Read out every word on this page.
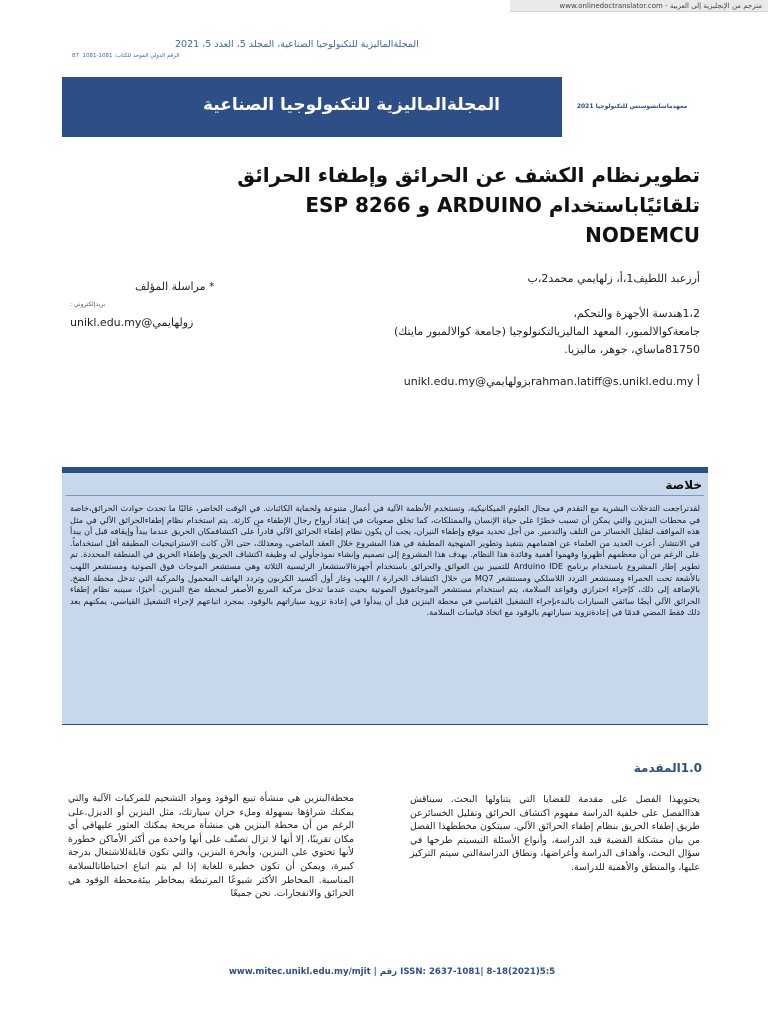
www.onlinedoctranslator.com - مترجم من الإنجليزية إلى العربية
المجلةالماليزية للتكنولوجيا الصناعية، المجلد 5، العدد 5، 2021
الرقم الدولي الموحد للكتاب: 87‎ ‎ 1081-1081
المجلةالماليزية للتكنولوجيا الصناعية	معهدماساتشوستس للتكنولوجيا 2021
تطويرنظام الكشف عن الحرائق وإطفاء الحرائق
تلقائيًاباستخدام ARDUINO و ESP 8266
NODEMCU
* مراسلة المؤلف
بريدإلكتروني :
زولهايمي@unikl.edu.my
أرزعبد اللطيف1،أ، زلهايمي محمد2،ب
1،2هندسة الأجهزة والتحكم،
جامعةكوالالمبور، المعهد الماليزيالتكنولوجيا (جامعة كوالالمبور مايتك)
81750ماساي، جوهر، ماليزيا.
أ rahman.latiff@s.unikl.edu.myبزولهايمي@unikl.edu.my
خلاصة
لقدتراجعت التدخلات البشرية مع التقدم في مجال العلوم الميكانيكية، وتستخدم الأنظمة الآلية في أعمال متنوعة ولحماية الكائنات. في الوقت الحاضر، غالبًا ما تحدث حوادث الحرائق،خاصة في محطات البنزين والتي يمكن أن تسبب خطرًا على حياة الإنسان والممتلكات، كما تخلق صعوبات في إنقاذ أرواح رجال الإطفاء من كارثة. يتم استخدام نظام إطفاءالحرائق الآلي في مثل هذه المواقف لتقليل الخسائر من التلف والتدمير. من أجل تحديد موقع وإطفاء النيران، يجب أن يكون نظام إطفاء الحرائق الآلي قادراً على اكتشافمكان الحريق عندما يبدأ وإيقافه قبل أن يبدأ في الانتشار. أعرب العديد من العلماء عن اهتمامهم بتنفيذ وتطوير المنهجية المطبقة في هذا المشروع خلال العقد الماضي، ومعذلك، حتى الآن كانت الاستراتيجيات المطبقة أقل استخداماً. على الرغم من أن معظمهم أظهروا وفهموا أهمية وفائدة هذا النظام. يهدف هذا المشروع إلى تصميم وإنشاء نموذجأولي له وظيفة اكتشاف الحريق وإطفاء الحريق في المنطقة المحددة. تم تطوير إطار المشروع باستخدام برنامج Arduino IDE للتمييز بين العوائق والحرائق باستخدام أجهزةالاستشعار الرئيسية الثلاثة وهي مستشعر الموجات فوق الصوتية ومستشعر اللهب بالأشعة تحت الحمراء ومستشعر التردد اللاسلكي ومستشعر MQ7 من خلال اكتشاف الحرارة / اللهب وغاز أول أكسيد الكربون وتردد الهاتف المحمول والمركبة التي تدخل محطة الضخ. بالإضافة إلى ذلك، كإجراء احترازي وقواعد السلامة، يتم استخدام مستشعر الموجاتفوق الصوتية بحيث عندما تدخل مركبة المربع الأصفر لمحطة ضخ البنزين. أخيرًا، سينبه نظام إطفاء الحرائق الآلي أيضًا سائقي السيارات بالبدءبإجراء التشغيل القياسي في محطة البنزين قبل أن يبدأوا في إعادة تزويد سياراتهم بالوقود. بمجرد اتباعهم لإجراء التشغيل القياسي، يمكنهم بعد ذلك فقط المضي قدمًا في إعادةتزويد سياراتهم بالوقود مع اتخاذ قياسات السلامة.
1.0المقدمة
يحتويهذا الفصل على مقدمة للقضايا التي يتناولها البحث. سيناقش هذاالفصل على خلفية الدراسة مفهوم اكتشاف الحرائق وتقليل الخسائرعن طريق إطفاء الحريق بنظام إطفاء الحرائق الآلي. سيتكون مخططهذا الفصل من بيان مشكلة القضية قيد الدراسة، وأنواع الأسئلة التيسيتم طرحها في سؤال البحث، وأهداف الدراسة وأغراضها، ونطاق الدراسةالتي سيتم التركيز عليها، والمنطق والأهمية للدراسة.
محطةالبنزين هي منشأة تبيع الوقود ومواد التشحيم للمركبات الآلية والتي يمكنك شراؤها بسهولة وملء خزان سيارتك، مثل البنزين أو الديزل.على الرغم من أن محطة البنزين هي منشأة مريحة يمكنك العثور عليهافي أي مكان تقريبًا، إلا أنها لا تزال تصنّف على أنها واحدة من أكثر الأماكن خطورة لأنها تحتوي على البنزين، وأبخرة البنزين، والتي تكون قابلةللاشتعال بدرجة كبيرة، ويمكن أن تكون خطيرة للغاية إذا لم يتم اتباع احتياطاتالسلامة المناسبة. المخاطر الأكثر شيوعًا المرتبطة بمخاطر بيئةمحطة الوقود هي الحرائق والانفجارات. نحن جميعًا
www.mitec.unikl.edu.my/mjit | رقم ISSN: 2637-1081| 8-18(2021)5:5
